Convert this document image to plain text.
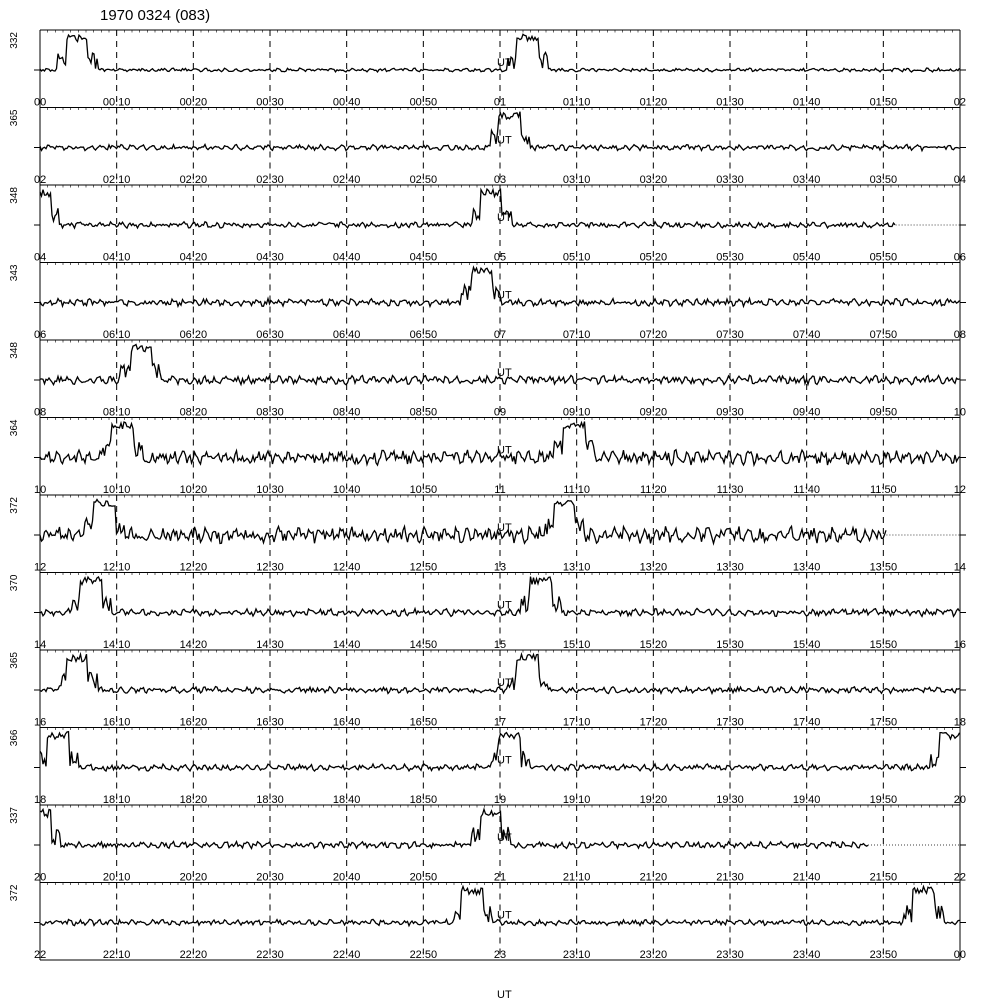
1970 0324 (083)
332
00	00:10	00:20	00:30	00:40	00:50	01	01:10	01:20	01:30	01:40	01:50	02
UT
365
02	02:10	02:20	02:30	02:40	02:50	03	03:10	03:20	03:30	03:40	03:50	04
UT
348
04	04:10	04:20	04:30	04:40	04:50	05	05:10	05:20	05:30	05:40	05:50	06
UT
343
06	06:10	06:20	06:30	06:40	06:50	07	07:10	07:20	07:30	07:40	07:50	08
UT
348
08	08:10	08:20	08:30	08:40	08:50	09	09:10	09:20	09:30	09:40	09:50	10
UT
364
10	10:10	10:20	10:30	10:40	10:50	11	11:10	11:20	11:30	11:40	11:50	12
UT
372
12	12:10	12:20	12:30	12:40	12:50	13	13:10	13:20	13:30	13:40	13:50	14
UT
370
14	14:10	14:20	14:30	14:40	14:50	15	15:10	15:20	15:30	15:40	15:50	16
UT
365
16	16:10	16:20	16:30	16:40	16:50	17	17:10	17:20	17:30	17:40	17:50	18
UT
366
18	18:10	18:20	18:30	18:40	18:50	19	19:10	19:20	19:30	19:40	19:50	20
UT
337
20	20:10	20:20	20:30	20:40	20:50	21	21:10	21:20	21:30	21:40	21:50	22
UT
372
22	22:10	22:20	22:30	22:40	22:50	23	23:10	23:20	23:30	23:40	23:50	00
UT
UT
